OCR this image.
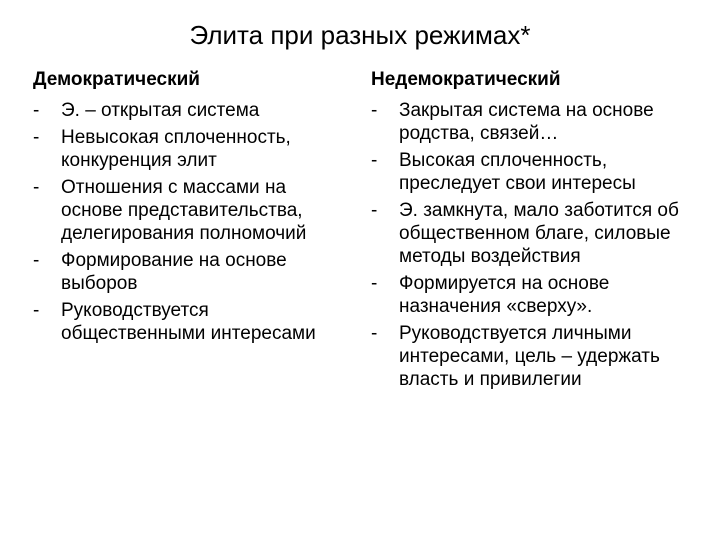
Элита при разных режимах*
Демократический
- Э. – открытая система
- Невысокая сплоченность, конкуренция элит
- Отношения с массами на основе представительства, делегирования полномочий
- Формирование на основе выборов
- Руководствуется общественными интересами
Недемократический
- Закрытая система на основе родства, связей…
- Высокая сплоченность, преследует свои интересы
- Э. замкнута, мало заботится об общественном благе, силовые методы воздействия
- Формируется на основе назначения «сверху».
- Руководствуется личными интересами, цель – удержать власть и привилегии
